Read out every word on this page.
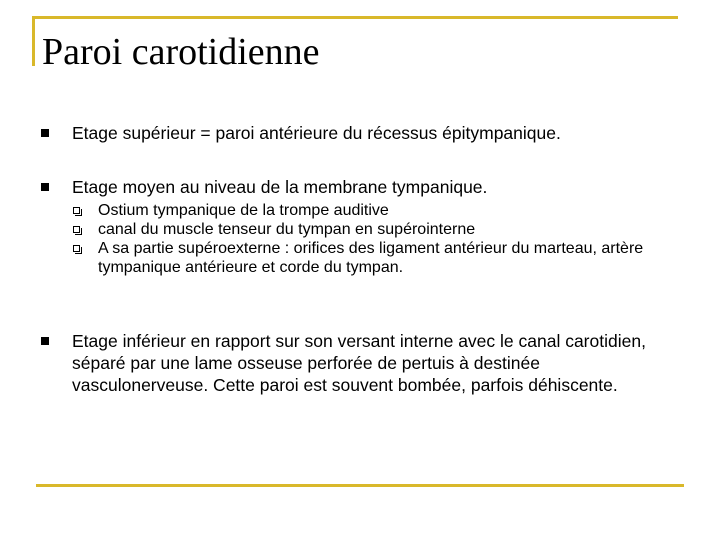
Paroi carotidienne
Etage supérieur = paroi antérieure du récessus épitympanique.
Etage moyen au niveau de la membrane tympanique.
Ostium tympanique de la trompe auditive
canal du muscle tenseur du tympan en supérointerne
A sa partie supéroexterne : orifices des ligament antérieur du marteau, artère tympanique antérieure et corde du tympan.
Etage inférieur en rapport sur son versant interne avec le canal carotidien, séparé par une lame osseuse perforée de pertuis à destinée vasculonerveuse. Cette paroi est souvent bombée, parfois déhiscente.
